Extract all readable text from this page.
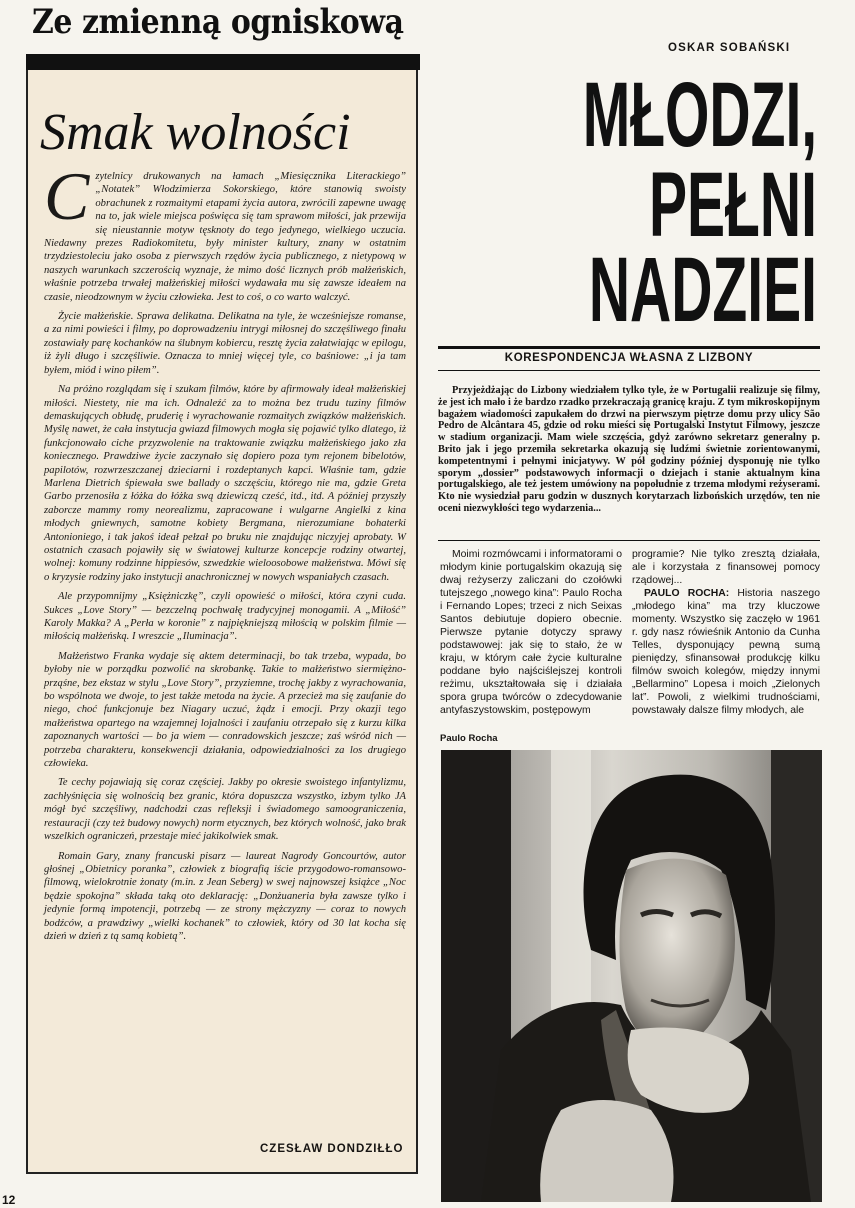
Ze zmienną ogniskową
Smak wolności

Czytelnicy drukowanych na łamach „Miesięcznika Literackiego” „Notatek” Włodzimierza Sokorskiego, które stanowią swoisty obrachunek z rozmaitymi etapami życia autora, zwrócili zapewne uwagę na to, jak wiele miejsca poświęca się tam sprawom miłości, jak przewija się nieustannie motyw tęsknoty do tego jedynego, wielkiego uczucia. Niedawny prezes Radiokomitetu, były minister kultury, znany w ostatnim trzydziestoleciu jako osoba z pierwszych rzędów życia publicznego, z nietypową w naszych warunkach szczerością wyznaje, że mimo dość licznych prób małżeńskich, właśnie potrzeba trwałej małżeńskiej miłości wydawała mu się zawsze ideałem na czasie, nieodzownym w życiu człowieka. Jest to coś, o co warto walczyć.

Życie małżeńskie. Sprawa delikatna. Delikatna na tyle, że wcześniejsze romanse, a za nimi powieści i filmy, po doprowadzeniu intrygi miłosnej do szczęśliwego finału zostawiały parę kochanków na ślubnym kobiercu, resztę życia załatwiając w epilogu, iż żyli długo i szczęśliwie. Oznacza to mniej więcej tyle, co baśniowe: „i ja tam byłem, miód i wino piłem”.

Na próżno rozglądam się i szukam filmów, które by afirmowały ideał małżeńskiej miłości. Niestety, nie ma ich. Odnaleźć za to można bez trudu tuziny filmów demaskujących obłudę, pruderię i wyrachowanie rozmaitych związków małżeńskich. Myślę nawet, że cała instytucja gwiazd filmowych mogła się pojawić tylko dlatego, iż funkcjonowało ciche przyzwolenie na traktowanie związku małżeńskiego jako zła koniecznego. Prawdziwe życie zaczynało się dopiero poza tym rejonem bibelotów, papilotów, rozwrzeszczanej dzieciarni i rozdeptanych kapci. Właśnie tam, gdzie Marlena Dietrich śpiewała swe ballady o szczęściu, którego nie ma, gdzie Greta Garbo przenosiła z łóżka do łóżka swą dziewiczą cześć, itd., itd. A później przyszły zaborcze mammy romy neorealizmu, zapracowane i wulgarne Angielki z kina młodych gniewnych, samotne kobiety Bergmana, nierozumiane bohaterki Antonioniego, i tak jakoś ideał pełzał po bruku nie znajdując niczyjej aprobaty. W ostatnich czasach pojawiły się w światowej kulturze koncepcje rodziny otwartej, wolnej: komuny rodzinne hippiesów, szwedzkie wieloosobowe małżeństwa. Mówi się o kryzysie rodziny jako instytucji anachronicznej w nowych wspaniałych czasach.

Ale przypomnijmy „Księżniczkę”, czyli opowieść o miłości, która czyni cuda. Sukces „Love Story” — bezczelną pochwałę tradycyjnej monogamii. A „Miłość” Karoly Makka? A „Perła w koronie” z najpiękniejszą miłością w polskim filmie — miłością małżeńską. I wreszcie „Iluminacja”.

Małżeństwo Franka wydaje się aktem determinacji, bo tak trzeba, wypada, bo byłoby nie w porządku pozwolić na skrobankę. Takie to małżeństwo siermiężno-prząśne, bez ekstaz w stylu „Love Story”, przyziemne, trochę jakby z wyrachowania, bo wspólnota we dwoje, to jest także metoda na życie. A przecież ma się zaufanie do niego, choć funkcjonuje bez Niagary uczuć, żądz i emocji. Przy okazji tego małżeństwa opartego na wzajemnej lojalności i zaufaniu otrzepało się z kurzu kilka zapoznanych wartości — bo ja wiem — conradowskich jeszcze; zaś wśród nich — potrzeba charakteru, konsekwencji działania, odpowiedzialności za los drugiego człowieka.

Te cechy pojawiają się coraz częściej. Jakby po okresie swoistego infantylizmu, zachłyśnięcia się wolnością bez granic, która dopuszcza wszystko, izbym tylko JA mógł być szczęśliwy, nadchodzi czas refleksji i świadomego samoograniczenia, restauracji (czy też budowy nowych) norm etycznych, bez których wolność, jako brak wszelkich ograniczeń, przestaje mieć jakikolwiek smak.

Romain Gary, znany francuski pisarz — laureat Nagrody Goncourtów, autor głośnej „Obietnicy poranka”, człowiek z biografią iście przygodowo-romansowo-filmową, wielokrotnie żonaty (m.in. z Jean Seberg) w swej najnowszej książce „Noc będzie spokojna” składa taką oto deklarację: „Donżuaneria była zawsze tylko i jedynie formą impotencji, potrzebą — ze strony mężczyzny — coraz to nowych bodźców, a prawdziwy „wielki kochanek” to człowiek, który od 30 lat kocha się dzień w dzień z tą samą kobietą”.

CZESŁAW DONDZIŁŁO
12
OSKAR SOBAŃSKI
MŁODZI,
PEŁNI
NADZIEI
KORESPONDENCJA WŁASNA Z LIZBONY

Przyjeżdżając do Lizbony wiedziałem tylko tyle, że w Portugalii realizuje się filmy, że jest ich mało i że bardzo rzadko przekraczają granicę kraju. Z tym mikroskopijnym bagażem wiadomości zapukałem do drzwi na pierwszym piętrze domu przy ulicy São Pedro de Alcântara 45, gdzie od roku mieści się Portugalski Instytut Filmowy, jeszcze w stadium organizacji. Mam wiele szczęścia, gdyż zarówno sekretarz generalny p. Brito jak i jego przemiła sekretarka okazują się ludźmi świetnie zorientowanymi, kompetentnymi i pełnymi inicjatywy. W pół godziny później dysponuję nie tylko sporym „dossier” podstawowych informacji o dziejach i stanie aktualnym kina portugalskiego, ale też jestem umówiony na popołudnie z trzema młodymi reżyserami. Kto nie wysiedział paru godzin w dusznych korytarzach lizbońskich urzędów, ten nie oceni niezwykłości tego wydarzenia...

Moimi rozmówcami i informatorami o młodym kinie portugalskim okazują się dwaj reżyserzy zaliczani do czołówki tutejszego „nowego kina”: Paulo Rocha i Fernando Lopes; trzeci z nich Seixas Santos debiutuje dopiero obecnie. Pierwsze pytanie dotyczy sprawy podstawowej: jak się to stało, że w kraju, w którym całe życie kulturalne poddane było najściślejszej kontroli reżimu, ukształtowała się i działała spora grupa twórców o zdecydowanie antyfaszystowskim, postępowym

programie? Nie tylko zresztą działała, ale i korzystała z finansowej pomocy rządowej...

PAULO ROCHA: Historia naszego „młodego kina” ma trzy kluczowe momenty. Wszystko się zaczęło w 1961 r. gdy nasz rówieśnik Antonio da Cunha Telles, dysponujący pewną sumą pieniędzy, sfinansował produkcję kilku filmów swoich kolegów, między innymi „Bellarmino” Lopesa i moich „Zielonych lat”. Powoli, z wielkimi trudnościami, powstawały dalsze filmy młodych, ale

Paulo Rocha
